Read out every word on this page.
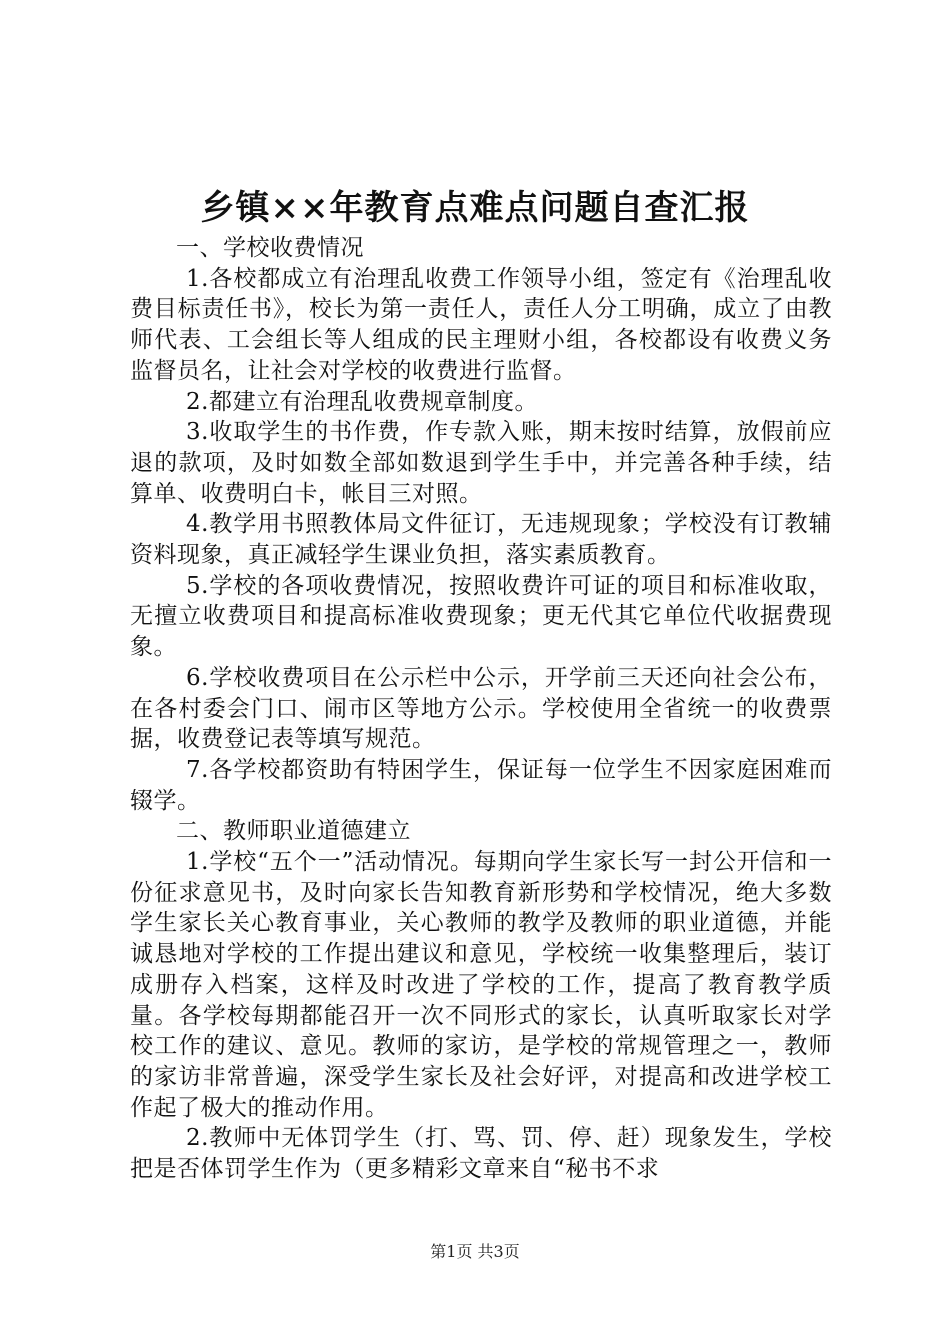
乡镇××年教育点难点问题自查汇报

一、学校收费情况

1.各校都成立有治理乱收费工作领导小组，签定有《治理乱收费目标责任书》，校长为第一责任人，责任人分工明确，成立了由教师代表、工会组长等人组成的民主理财小组，各校都设有收费义务监督员名，让社会对学校的收费进行监督。

2.都建立有治理乱收费规章制度。

3.收取学生的书作费，作专款入账，期末按时结算，放假前应退的款项，及时如数全部如数退到学生手中，并完善各种手续，结算单、收费明白卡，帐目三对照。

4.教学用书照教体局文件征订，无违规现象；学校没有订教辅资料现象，真正减轻学生课业负担，落实素质教育。

5.学校的各项收费情况，按照收费许可证的项目和标准收取，无擅立收费项目和提高标准收费现象；更无代其它单位代收据费现象。

6.学校收费项目在公示栏中公示，开学前三天还向社会公布，在各村委会门口、闹市区等地方公示。学校使用全省统一的收费票据，收费登记表等填写规范。

7.各学校都资助有特困学生，保证每一位学生不因家庭困难而辍学。

二、教师职业道德建立

1.学校“五个一”活动情况。每期向学生家长写一封公开信和一份征求意见书，及时向家长告知教育新形势和学校情况，绝大多数学生家长关心教育事业，关心教师的教学及教师的职业道德，并能诚恳地对学校的工作提出建议和意见，学校统一收集整理后，装订成册存入档案，这样及时改进了学校的工作，提高了教育教学质量。各学校每期都能召开一次不同形式的家长，认真听取家长对学校工作的建议、意见。教师的家访，是学校的常规管理之一，教师的家访非常普遍，深受学生家长及社会好评，对提高和改进学校工作起了极大的推动作用。

2.教师中无体罚学生（打、骂、罚、停、赶）现象发生，学校把是否体罚学生作为（更多精彩文章来自“秘书不求

第1页 共3页
